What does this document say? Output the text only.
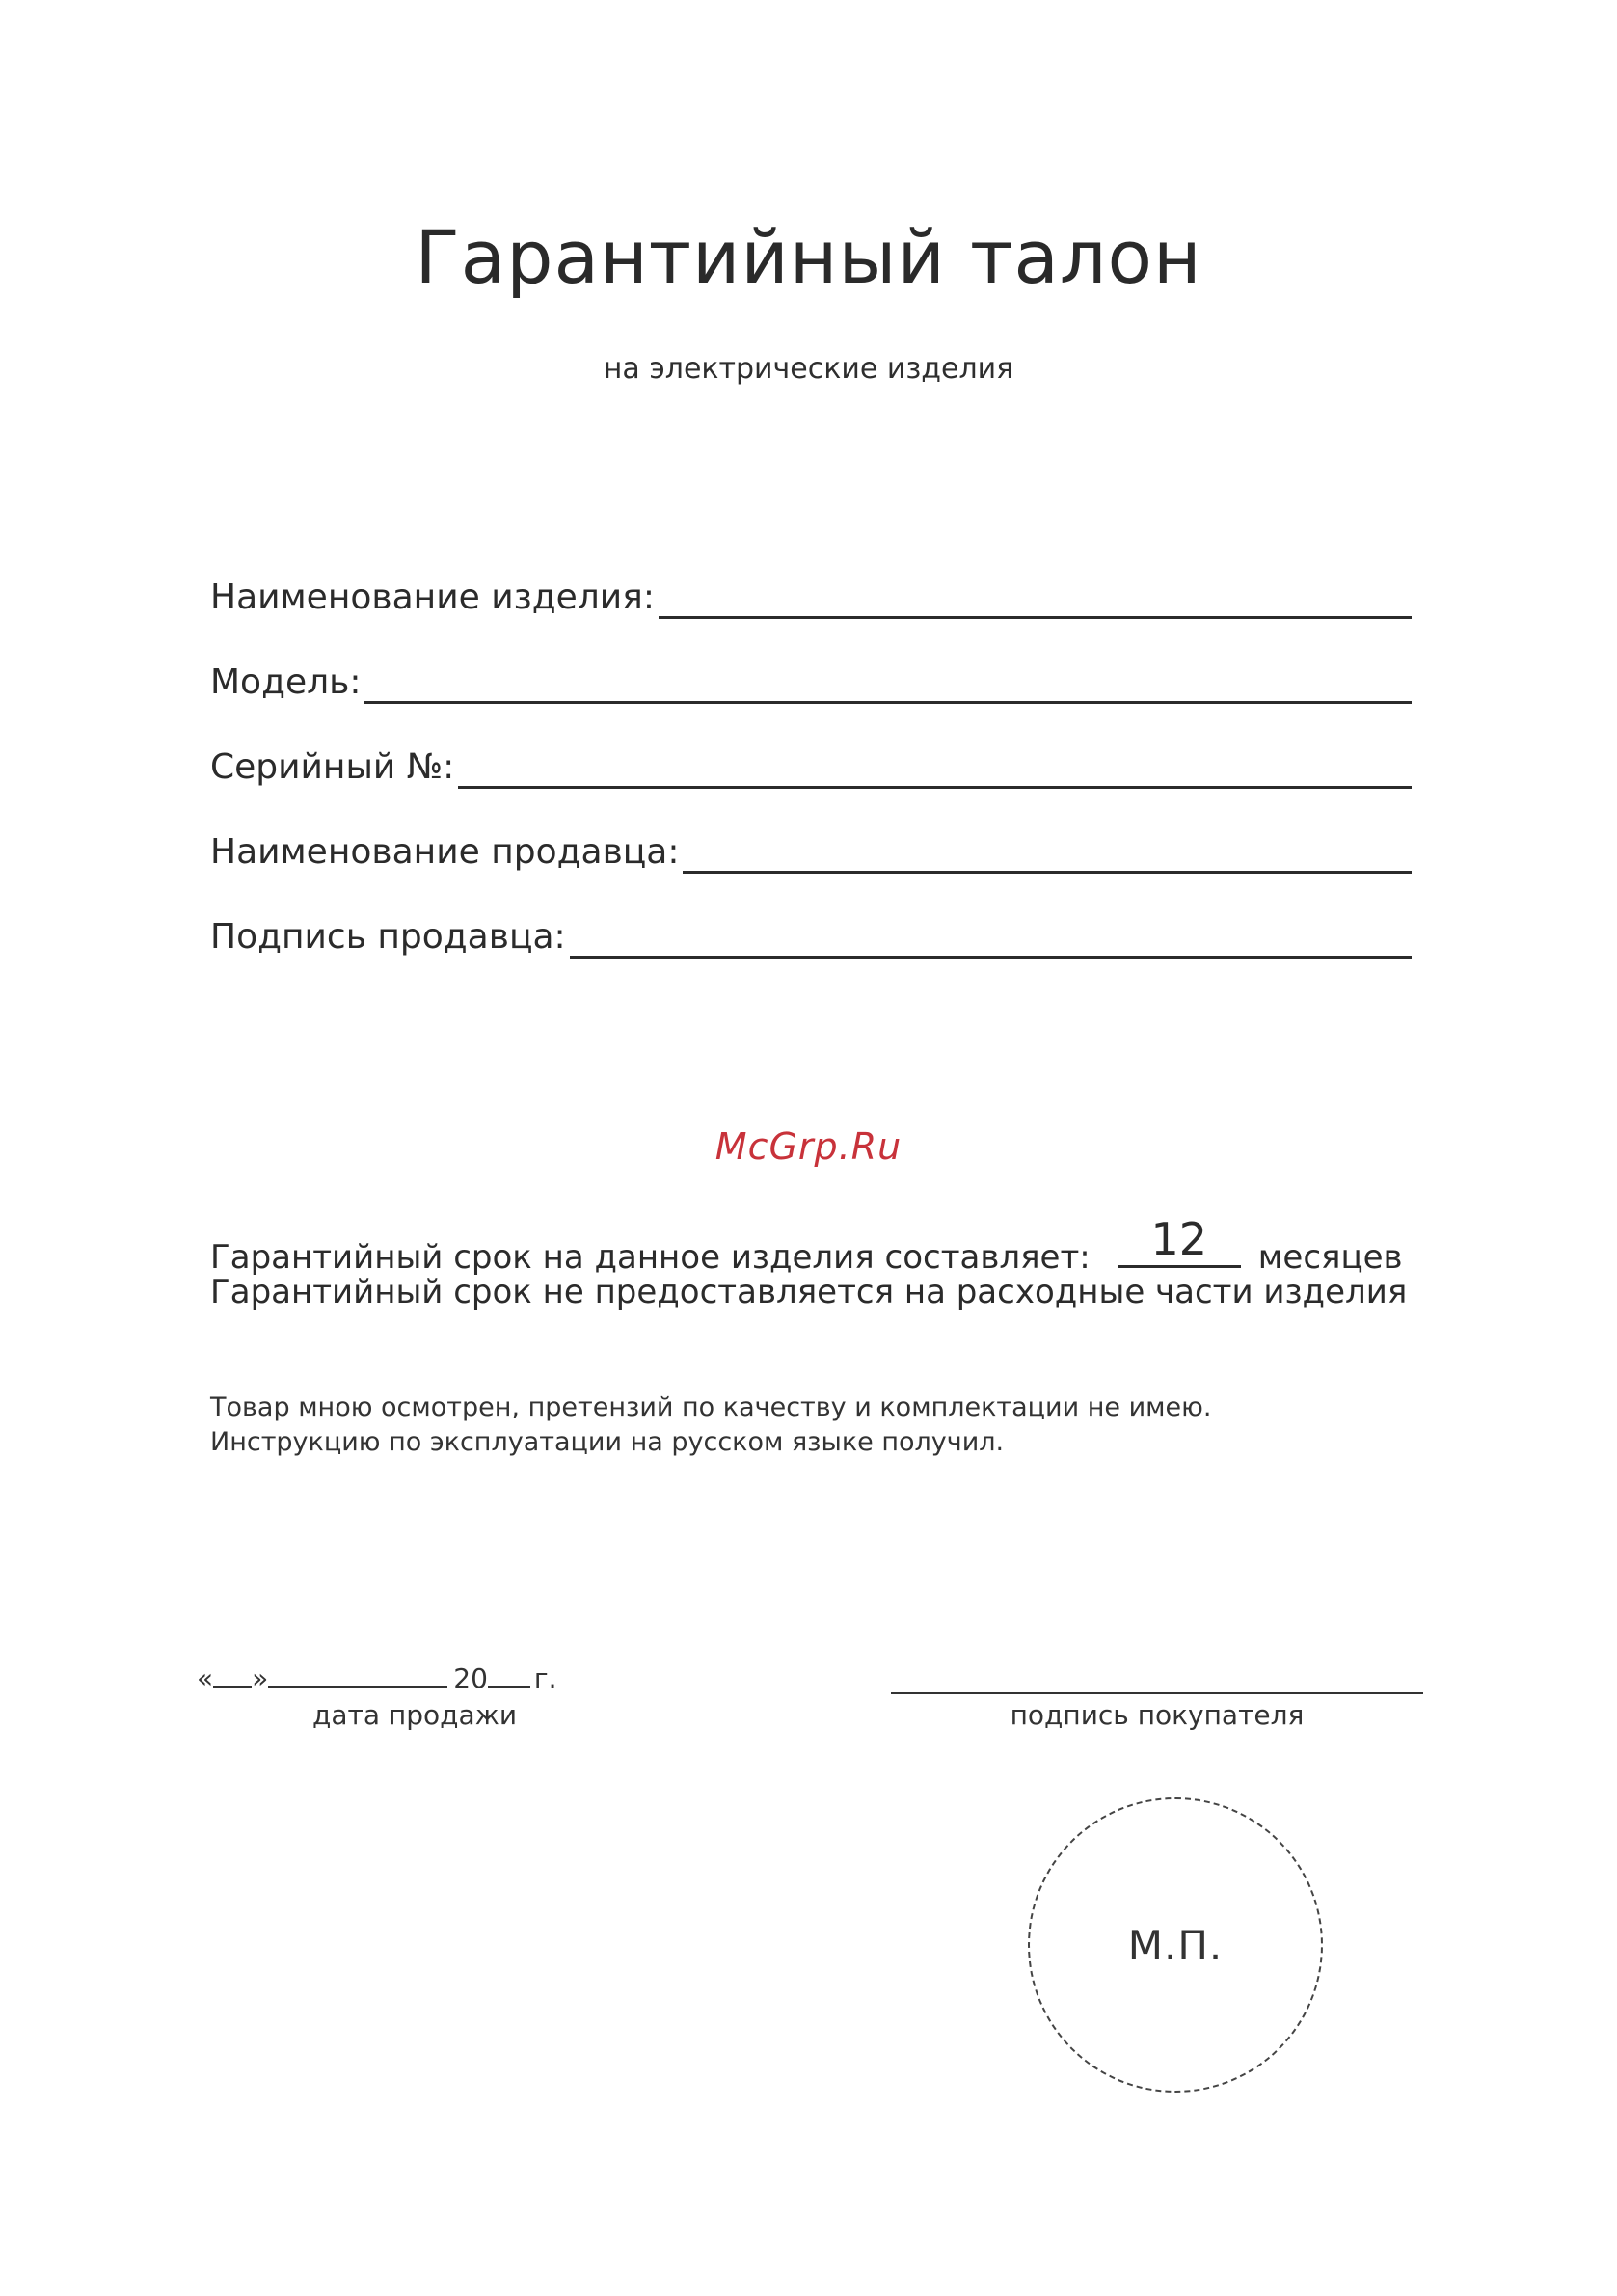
Гарантийный талон
на электрические изделия
Наименование изделия:
Модель:
Серийный №:
Наименование продавца:
Подпись продавца:
McGrp.Ru
Гарантийный срок на данное изделия составляет:	12	месяцев
Гарантийный срок не предоставляется на расходные части изделия
Товар мною осмотрен, претензий по качеству и комплектации не имею.
Инструкцию по эксплуатации на русском языке получил.
« »	20 г.
дата продажи	подпись покупателя
М.П.
